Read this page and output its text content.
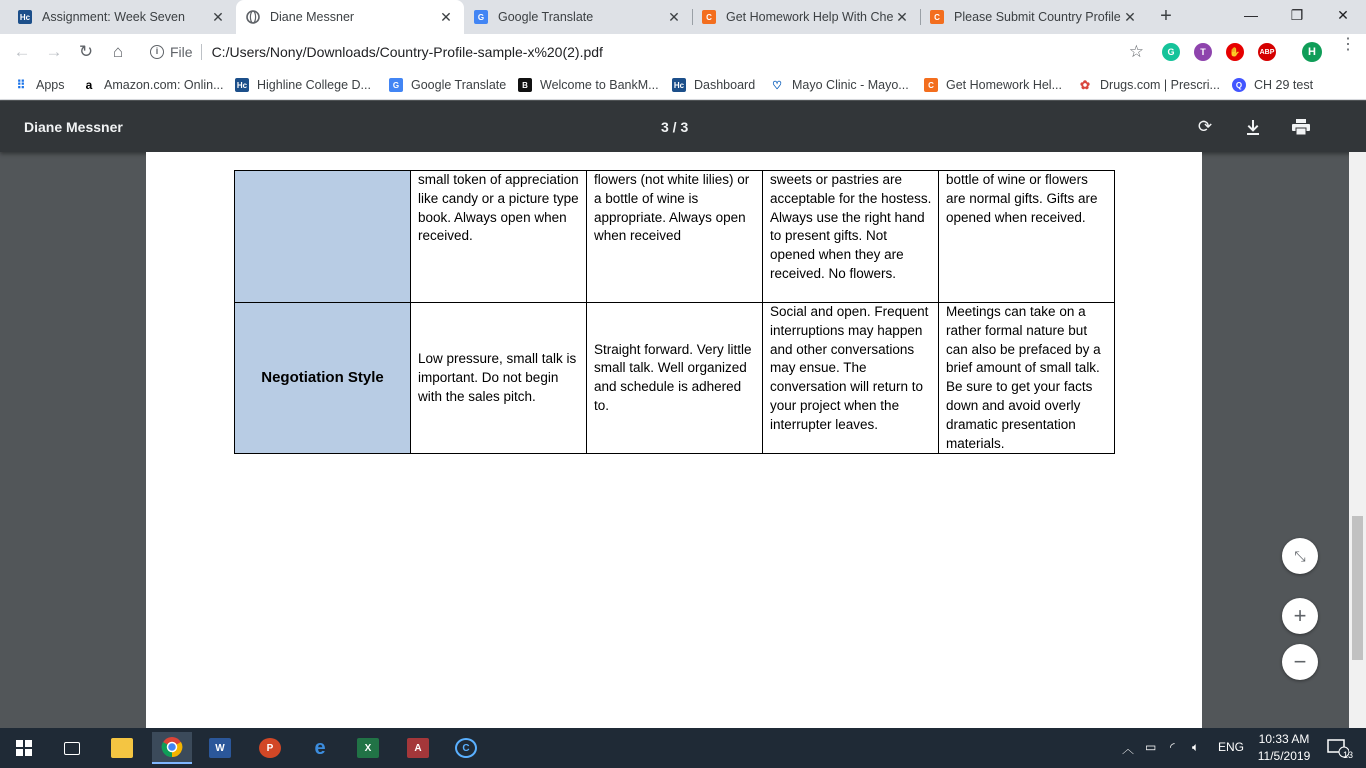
Hc Assignment: Week Seven	✕	Diane Messner	✕	G	Google Translate	✕	C	Get Homework Help With Che ✕	C	Please Submit Country Profile ✕ +	—	❐	✕
← → ↻	⌂	i File C:/Users/Nony/Downloads/Country-Profile-sample-x%20(2).pdf	☆	G	T	✋	ABP	H	⋮
⠿ Apps	a Amazon.com: Onlin... Hc Highline College D...	G Google Translate	B Welcome to BankM... Hc Dashboard ♡ Mayo Clinic - Mayo...	C Get Homework Hel... ✿ Drugs.com | Prescri...	Q CH 29 test
Diane Messner	3 / 3	⟳
	small token of appreciation like candy or a picture type book. Always open when received.	flowers (not white lilies) or a bottle of wine is appropriate. Always open when received	sweets or pastries are acceptable for the hostess. Always use the right hand to present gifts. Not opened when they are received. No flowers.	bottle of wine or flowers are normal gifts. Gifts are opened when received.
Negotiation Style	Low pressure, small talk is important. Do not begin with the sales pitch.	Straight forward. Very little small talk. Well organized and schedule is adhered to.	Social and open. Frequent interruptions may happen and other conversations may ensue. The conversation will return to your project when the interrupter leaves.	Meetings can take on a rather formal nature but can also be prefaced by a brief amount of small talk. Be sure to get your facts down and avoid overly dramatic presentation materials.
⤡
+
−
W	P	e	X	A	C	︿ ▭ ◜ 🔈︎ ENG
10:33 AM
11/5/2019	13
